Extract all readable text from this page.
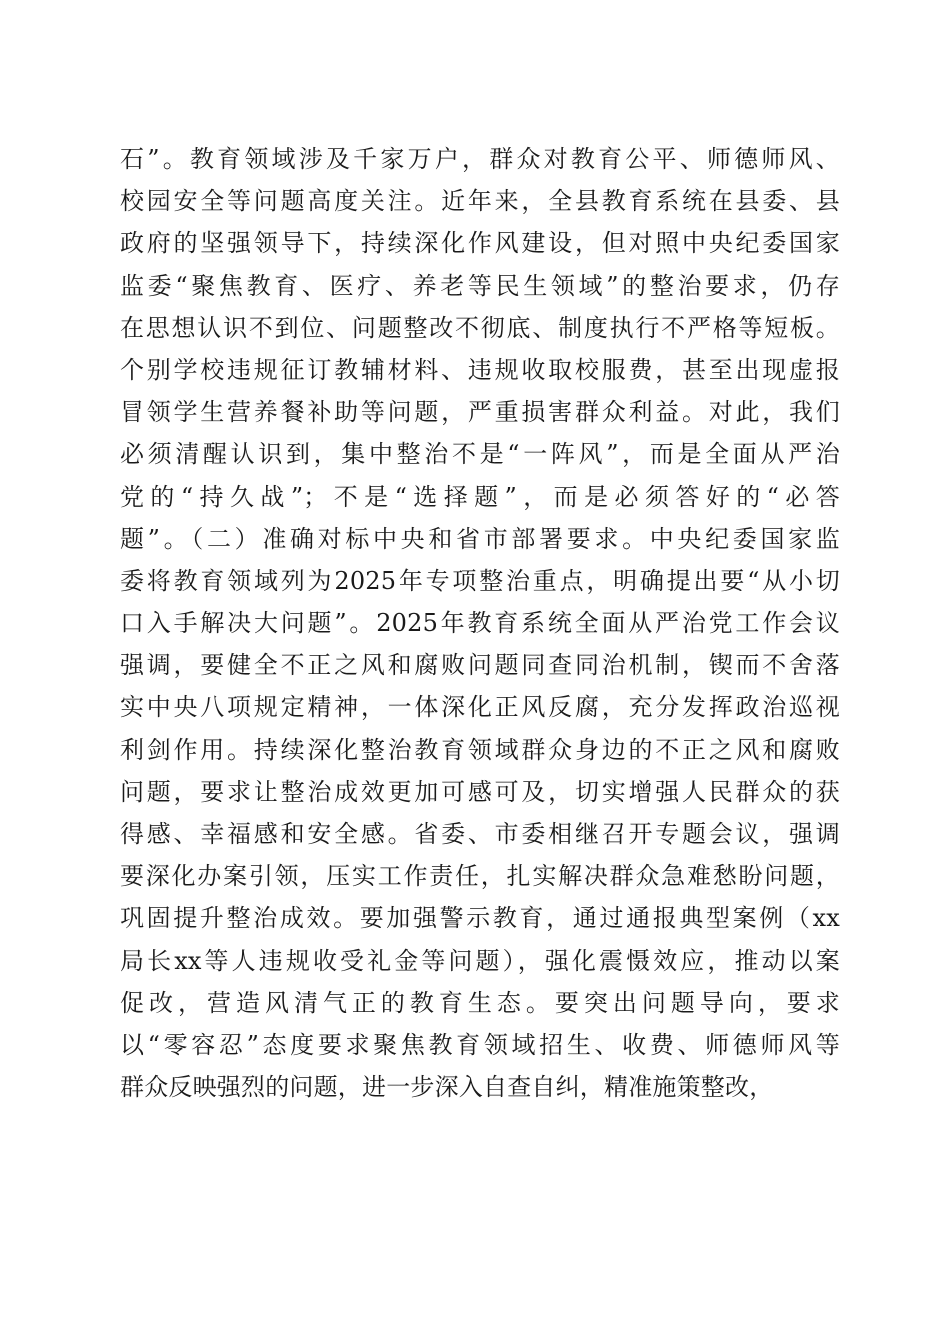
石”。教育领域涉及千家万户，群众对教育公平、师德师风、
校园安全等问题高度关注。近年来，全县教育系统在县委、县
政府的坚强领导下，持续深化作风建设，但对照中央纪委国家
监委“聚焦教育、医疗、养老等民生领域”的整治要求，仍存
在思想认识不到位、问题整改不彻底、制度执行不严格等短板。
个别学校违规征订教辅材料、违规收取校服费，甚至出现虚报
冒领学生营养餐补助等问题，严重损害群众利益。对此，我们
必须清醒认识到，集中整治不是“一阵风”，而是全面从严治
党的“持久战”；不是“选择题”，而是必须答好的“必答
题”。（二）准确对标中央和省市部署要求。中央纪委国家监
委将教育领域列为2025年专项整治重点，明确提出要“从小切
口入手解决大问题”。2025年教育系统全面从严治党工作会议
强调，要健全不正之风和腐败问题同查同治机制，锲而不舍落
实中央八项规定精神，一体深化正风反腐，充分发挥政治巡视
利剑作用。持续深化整治教育领域群众身边的不正之风和腐败
问题，要求让整治成效更加可感可及，切实增强人民群众的获
得感、幸福感和安全感。省委、市委相继召开专题会议，强调
要深化办案引领，压实工作责任，扎实解决群众急难愁盼问题，
巩固提升整治成效。要加强警示教育，通过通报典型案例（xx
局长xx等人违规收受礼金等问题），强化震慑效应，推动以案
促改，营造风清气正的教育生态。要突出问题导向，要求
以“零容忍”态度要求聚焦教育领域招生、收费、师德师风等
群众反映强烈的问题，进一步深入自查自纠，精准施策整改，
